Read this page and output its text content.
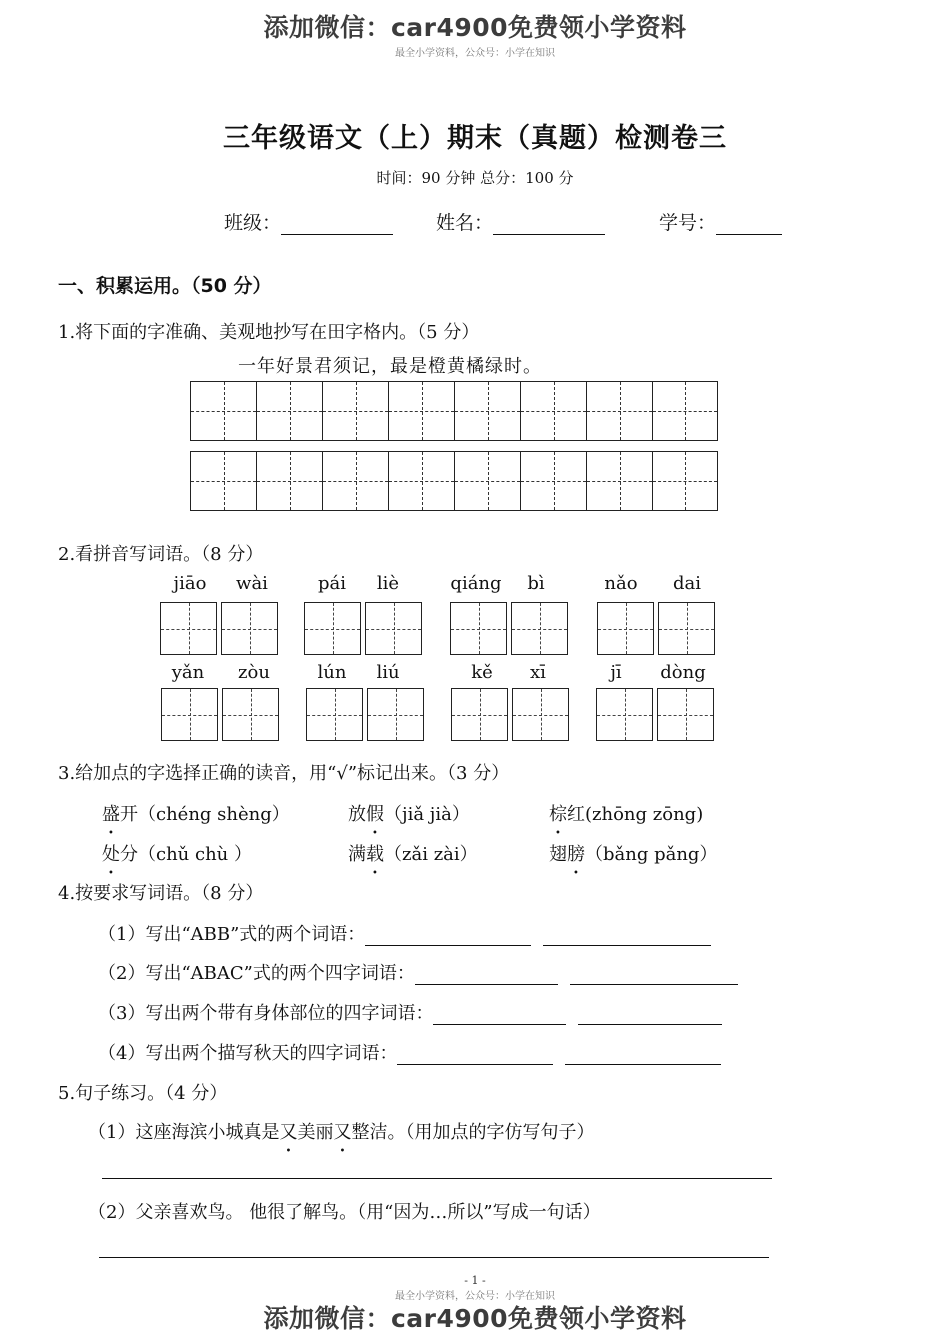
添加微信：car4900免费领小学资料
最全小学资料，公众号：小学在知识
三年级语文（上）期末（真题）检测卷三
时间：90 分钟 总分：100 分
班级：	姓名：	学号：
一、积累运用。（50 分）
1.将下面的字准确、美观地抄写在田字格内。（5 分）
一年好景君须记，最是橙黄橘绿时。
2.看拼音写词语。（8 分）
jiāo	wài	pái	liè	qiáng	bì	nǎo	dai
yǎn	zòu	lún	liú	kě	xī	jī	dòng
3.给加点的字选择正确的读音，用“√”标记出来。（3 分）
盛开（chéng shèng）	放假（jiǎ jià）	棕红(zhōng zōng)
处分（chǔ chù ）	满载（zǎi zài）	翅膀（bǎng pǎng）
4.按要求写词语。（8 分）
（1）写出“ABB”式的两个词语：
（2）写出“ABAC”式的两个四字词语：
（3）写出两个带有身体部位的四字词语：
（4）写出两个描写秋天的四字词语：
5.句子练习。（4 分）
（1）这座海滨小城真是又美丽又整洁。（用加点的字仿写句子）
（2）父亲喜欢鸟。 他很了解鸟。（用“因为…所以”写成一句话）
- 1 -
最全小学资料，公众号：小学在知识
添加微信：car4900免费领小学资料
